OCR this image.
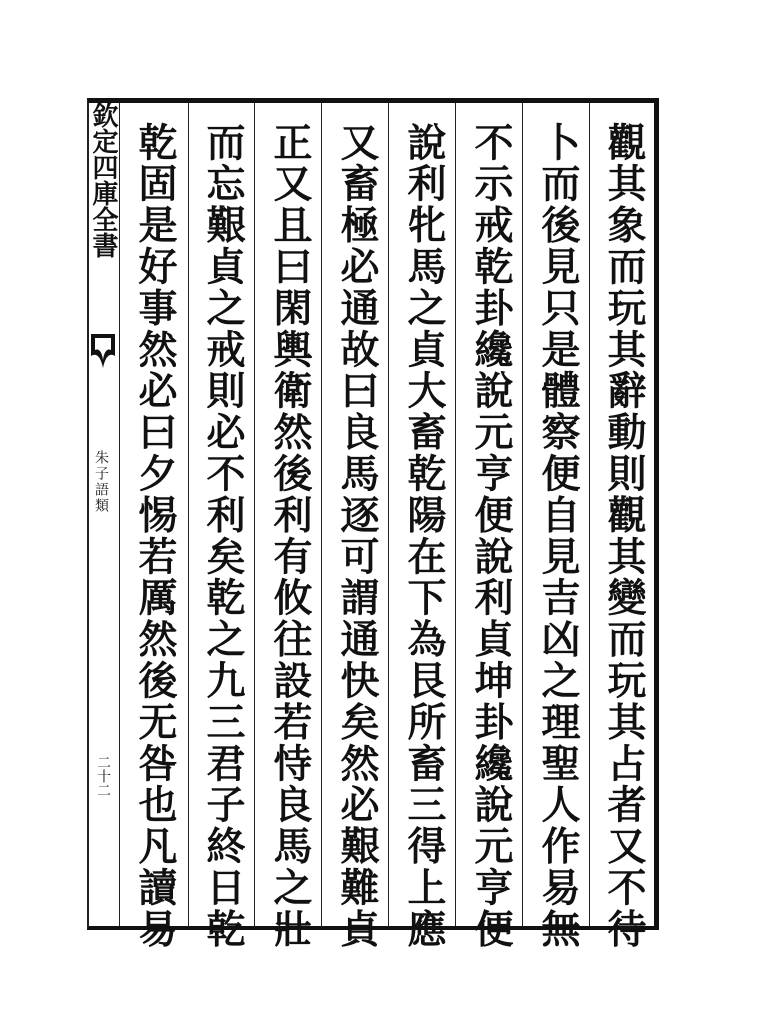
欽定四庫全書
朱子語類
二十二	觀其象而玩其辭動則觀其變而玩其占者又不待
卜而後見只是體察便自見吉凶之理聖人作易無
不示戒乾卦纔說元亨便說利貞坤卦纔說元亨便
說利牝馬之貞大畜乾陽在下為艮所畜三得上應
又畜極必通故曰良馬逐可謂通快矣然必艱難貞
正又且曰閑輿衛然後利有攸往設若恃良馬之壯
而忘艱貞之戒則必不利矣乾之九三君子終日乾
乾固是好事然必曰夕惕若厲然後无咎也凡讀易
